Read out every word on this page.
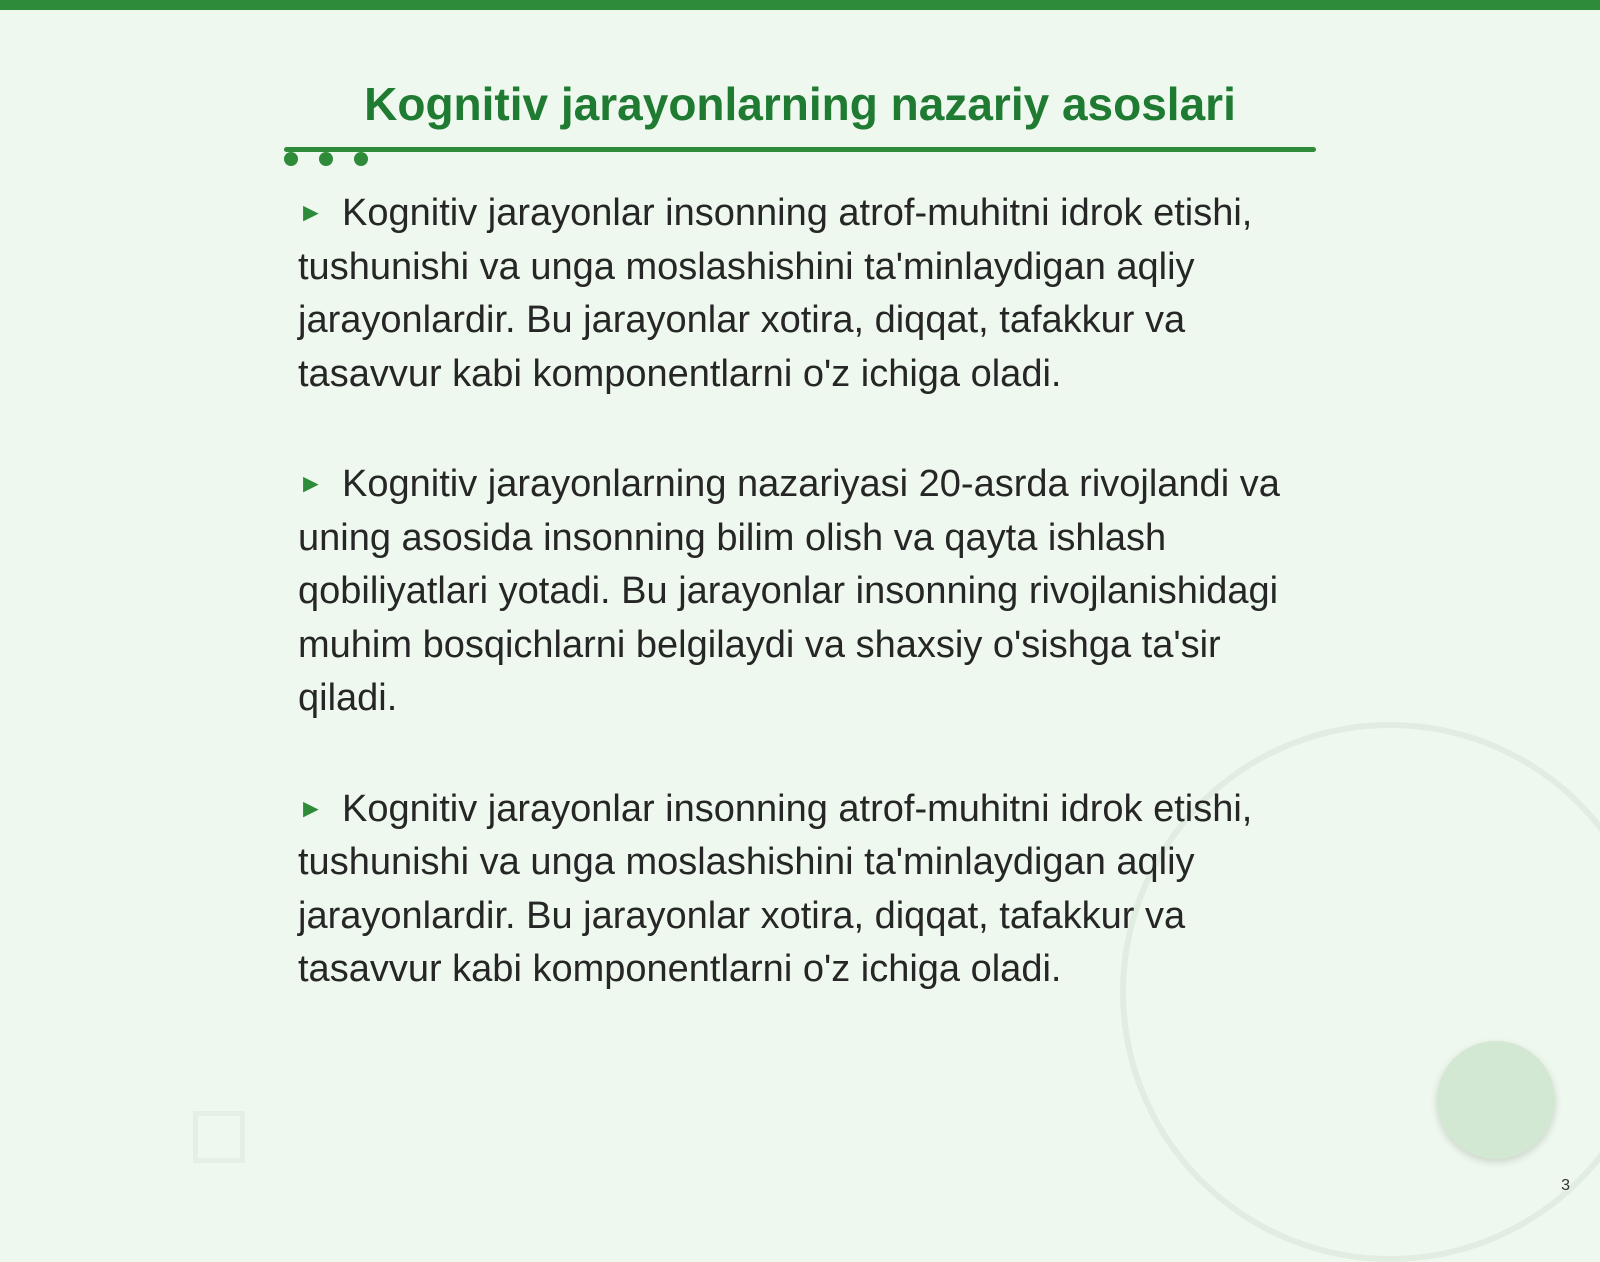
Kognitiv jarayonlarning nazariy asoslari

► Kognitiv jarayonlar insonning atrof-muhitni idrok etishi, tushunishi va unga moslashishini ta'minlaydigan aqliy jarayonlardir. Bu jarayonlar xotira, diqqat, tafakkur va tasavvur kabi komponentlarni o'z ichiga oladi.

► Kognitiv jarayonlarning nazariyasi 20-asrda rivojlandi va uning asosida insonning bilim olish va qayta ishlash qobiliyatlari yotadi. Bu jarayonlar insonning rivojlanishidagi muhim bosqichlarni belgilaydi va shaxsiy o'sishga ta'sir qiladi.

► Kognitiv jarayonlar insonning atrof-muhitni idrok etishi, tushunishi va unga moslashishini ta'minlaydigan aqliy jarayonlardir. Bu jarayonlar xotira, diqqat, tafakkur va tasavvur kabi komponentlarni o'z ichiga oladi.

3
